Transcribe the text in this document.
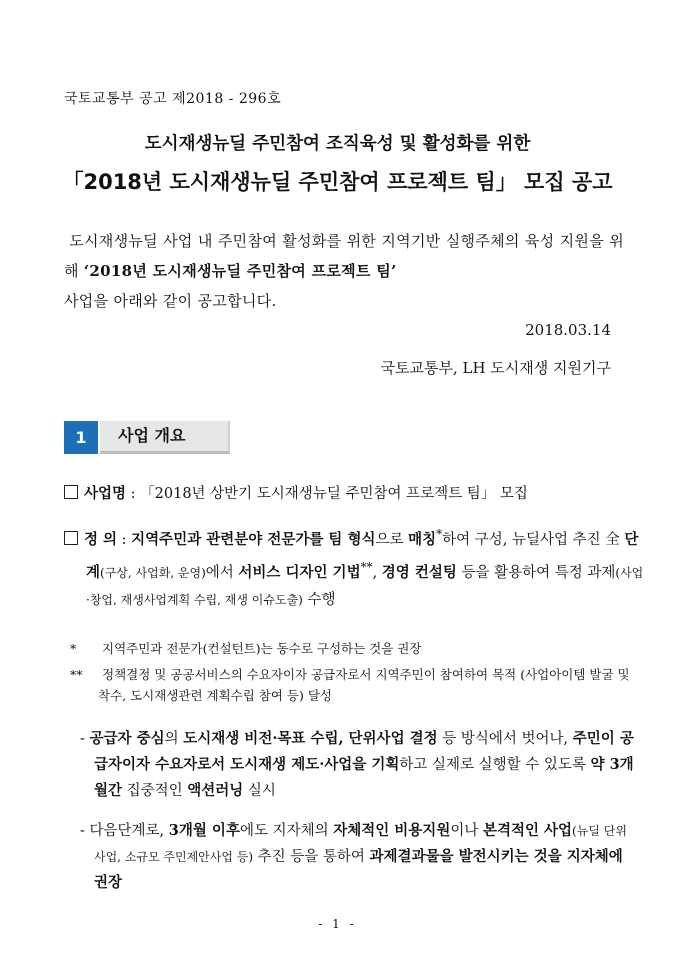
국토교통부 공고 제2018 - 296호
도시재생뉴딜 주민참여 조직육성 및 활성화를 위한
「2018년 도시재생뉴딜 주민참여 프로젝트 팀」 모집 공고

도시재생뉴딜 사업 내 주민참여 활성화를 위한 지역기반 실행주체의 육성 지원을 위해 ‘2018년 도시재생뉴딜 주민참여 프로젝트 팀’

사업을 아래와 같이 공고합니다.

2018.03.14
국토교통부, LH 도시재생 지원기구
1	사업 개요
사업명 : 「2018년 상반기 도시재생뉴딜 주민참여 프로젝트 팀」 모집
정 의 : 지역주민과 관련분야 전문가를 팀 형식으로 매칭*하여 구성, 뉴딜사업 추진 全 단계(구상, 사업화, 운영)에서 서비스 디자인 기법**, 경영 컨설팅 등을 활용하여 특정 과제(사업·창업, 재생사업계획 수립, 재생 이슈도출) 수행
* 지역주민과 전문가(컨설턴트)는 동수로 구성하는 것을 권장
** 정책결정 및 공공서비스의 수요자이자 공급자로서 지역주민이 참여하여 목적 (사업아이템 발굴 및 착수, 도시재생관련 계획수립 참여 등) 달성
- 공급자 중심의 도시재생 비전·목표 수립, 단위사업 결정 등 방식에서 벗어나, 주민이 공급자이자 수요자로서 도시재생 제도·사업을 기획하고 실제로 실행할 수 있도록 약 3개월간 집중적인 액션러닝 실시
- 다음단계로, 3개월 이후에도 지자체의 자체적인 비용지원이나 본격적인 사업(뉴딜 단위사업, 소규모 주민제안사업 등) 추진 등을 통하여 과제결과물을 발전시키는 것을 지자체에 권장
- 1 -
